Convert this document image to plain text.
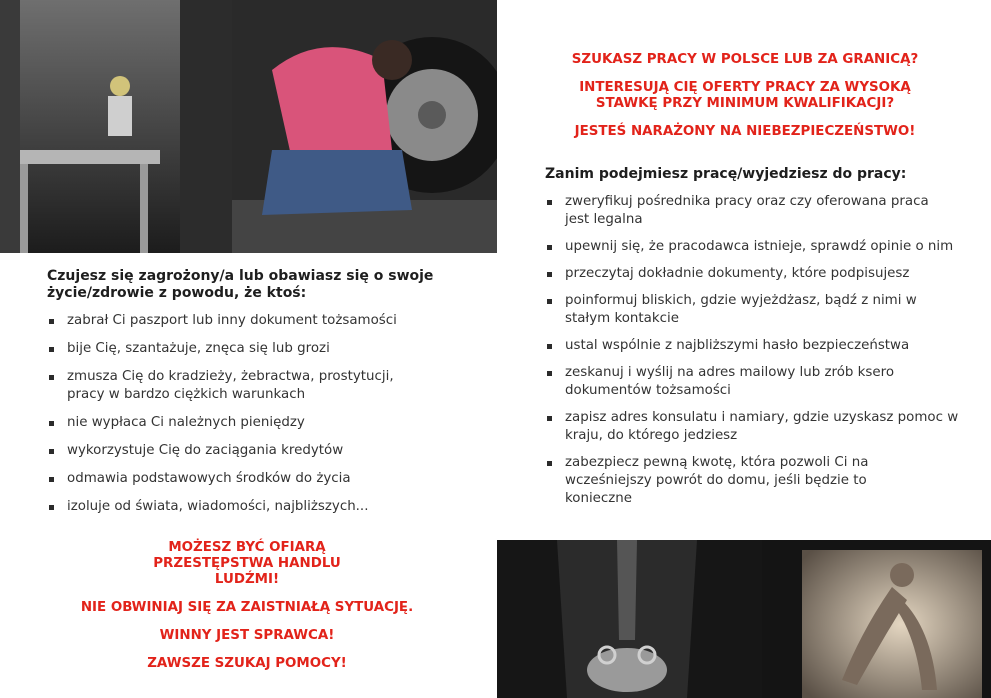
Czujesz się zagrożony/a lub obawiasz się o swoje życie/zdrowie z powodu, że ktoś:
zabrał Ci paszport lub inny dokument tożsamości
bije Cię, szantażuje, znęca się lub grozi
zmusza Cię do kradzieży, żebractwa, prostytucji, pracy w bardzo ciężkich warunkach
nie wypłaca Ci należnych pieniędzy
wykorzystuje Cię do zaciągania kredytów
odmawia podstawowych środków do życia
izoluje od świata, wiadomości, najbliższych...

MOŻESZ BYĆ OFIARĄ PRZESTĘPSTWA HANDLU LUDŹMI!

NIE OBWINIAJ SIĘ ZA ZAISTNIAŁĄ SYTUACJĘ.

WINNY JEST SPRAWCA!

ZAWSZE SZUKAJ POMOCY!

SZUKASZ PRACY W POLSCE LUB ZA GRANICĄ?

INTERESUJĄ CIĘ OFERTY PRACY ZA WYSOKĄ STAWKĘ PRZY MINIMUM KWALIFIKACJI?

JESTEŚ NARAŻONY NA NIEBEZPIECZEŃSTWO!

Zanim podejmiesz pracę/wyjedziesz do pracy:
zweryfikuj pośrednika pracy oraz czy oferowana praca jest legalna
upewnij się, że pracodawca istnieje, sprawdź opinie o nim
przeczytaj dokładnie dokumenty, które podpisujesz
poinformuj bliskich, gdzie wyjeżdżasz, bądź z nimi w stałym kontakcie
ustal wspólnie z najbliższymi hasło bezpieczeństwa
zeskanuj i wyślij na adres mailowy lub zrób ksero dokumentów tożsamości
zapisz adres konsulatu i namiary, gdzie uzyskasz pomoc w kraju, do którego jedziesz
zabezpiecz pewną kwotę, która pozwoli Ci na wcześniejszy powrót do domu, jeśli będzie to konieczne
